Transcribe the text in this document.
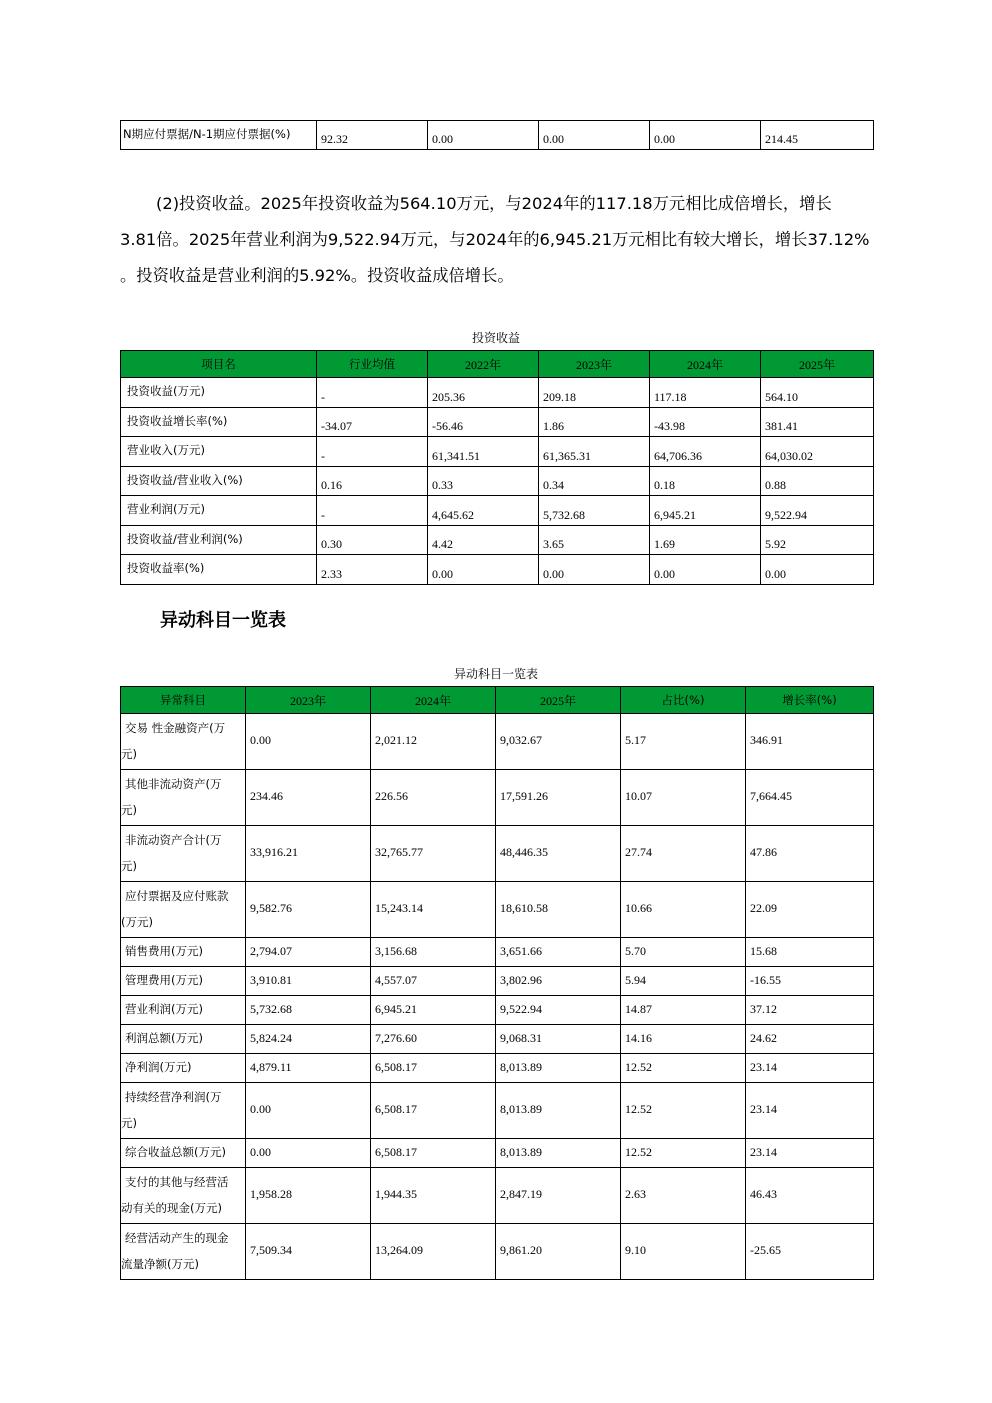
N期应付票据/N-1期应付票据(%)	92.32	0.00	0.00	0.00	214.45
(2)投资收益。2025年投资收益为564.10万元，与2024年的117.18万元相比成倍增长，增长
3.81倍。2025年营业利润为9,522.94万元，与2024年的6,945.21万元相比有较大增长，增长37.12%
。投资收益是营业利润的5.92%。投资收益成倍增长。
投资收益
项目名	行业均值	2022年	2023年	2024年	2025年
投资收益(万元)	-	205.36	209.18	117.18	564.10
投资收益增长率(%)	-34.07	-56.46	1.86	-43.98	381.41
营业收入(万元)	-	61,341.51	61,365.31	64,706.36	64,030.02
投资收益/营业收入(%)	0.16	0.33	0.34	0.18	0.88
营业利润(万元)	-	4,645.62	5,732.68	6,945.21	9,522.94
投资收益/营业利润(%)	0.30	4.42	3.65	1.69	5.92
投资收益率(%)	2.33	0.00	0.00	0.00	0.00
异动科目一览表
异动科目一览表
异常科目	2023年	2024年	2025年	占比(%)	增长率(%)

交易 性金融资产(万
元)	0.00	2,021.12	9,032.67	5.17	346.91

其他非流动资产(万
元)	234.46	226.56	17,591.26	10.07	7,664.45

非流动资产合计(万
元)	33,916.21	32,765.77	48,446.35	27.74	47.86

应付票据及应付账款
(万元)	9,582.76	15,243.14	18,610.58	10.66	22.09

销售费用(万元)	2,794.07	3,156.68	3,651.66	5.70	15.68

管理费用(万元)	3,910.81	4,557.07	3,802.96	5.94	-16.55

营业利润(万元)	5,732.68	6,945.21	9,522.94	14.87	37.12

利润总额(万元)	5,824.24	7,276.60	9,068.31	14.16	24.62

净利润(万元)	4,879.11	6,508.17	8,013.89	12.52	23.14

持续经营净利润(万
元)	0.00	6,508.17	8,013.89	12.52	23.14

综合收益总额(万元)	0.00	6,508.17	8,013.89	12.52	23.14

支付的其他与经营活
动有关的现金(万元)	1,958.28	1,944.35	2,847.19	2.63	46.43

经营活动产生的现金
流量净额(万元)	7,509.34	13,264.09	9,861.20	9.10	-25.65
